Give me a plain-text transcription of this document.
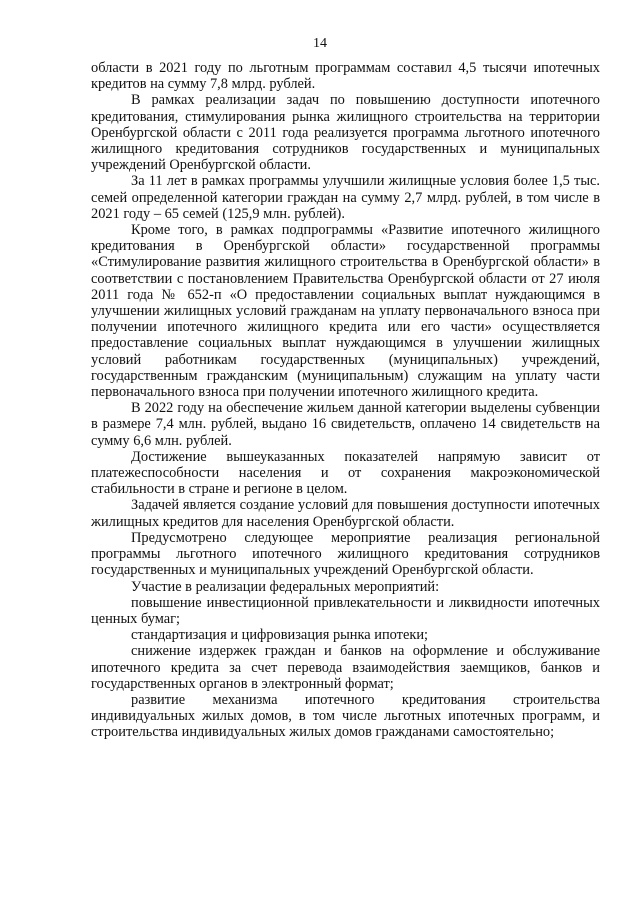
14

области в 2021 году по льготным программам составил 4,5 тысячи ипотечных кредитов на сумму 7,8 млрд. рублей.

В рамках реализации задач по повышению доступности ипотечного кредитования, стимулирования рынка жилищного строительства на территории Оренбургской области с 2011 года реализуется программа льготного ипотечного жилищного кредитования сотрудников государственных и муниципальных учреждений Оренбургской области.

За 11 лет в рамках программы улучшили жилищные условия более 1,5 тыс. семей определенной категории граждан на сумму 2,7 млрд. рублей, в том числе в 2021 году – 65 семей (125,9 млн. рублей).

Кроме того, в рамках подпрограммы «Развитие ипотечного жилищного кредитования в Оренбургской области» государственной программы «Стимулирование развития жилищного строительства в Оренбургской области» в соответствии с постановлением Правительства Оренбургской области от 27 июля 2011 года № 652-п «О предоставлении социальных выплат нуждающимся в улучшении жилищных условий гражданам на уплату первоначального взноса при получении ипотечного жилищного кредита или его части» осуществляется предоставление социальных выплат нуждающимся в улучшении жилищных условий работникам государственных (муниципальных) учреждений, государственным гражданским (муниципальным) служащим на уплату части первоначального взноса при получении ипотечного жилищного кредита.

В 2022 году на обеспечение жильем данной категории выделены субвенции в размере 7,4 млн. рублей, выдано 16 свидетельств, оплачено 14 свидетельств на сумму 6,6 млн. рублей.

Достижение вышеуказанных показателей напрямую зависит от платежеспособности населения и от сохранения макроэкономической стабильности в стране и регионе в целом.

Задачей является создание условий для повышения доступности ипотечных жилищных кредитов для населения Оренбургской области.

Предусмотрено следующее мероприятие реализация региональной программы льготного ипотечного жилищного кредитования сотрудников государственных и муниципальных учреждений Оренбургской области.

Участие в реализации федеральных мероприятий:

повышение инвестиционной привлекательности и ликвидности ипотечных ценных бумаг;

стандартизация и цифровизация рынка ипотеки;

снижение издержек граждан и банков на оформление и обслуживание ипотечного кредита за счет перевода взаимодействия заемщиков, банков и государственных органов в электронный формат;

развитие механизма ипотечного кредитования строительства индивидуальных жилых домов, в том числе льготных ипотечных программ, и строительства индивидуальных жилых домов гражданами самостоятельно;
